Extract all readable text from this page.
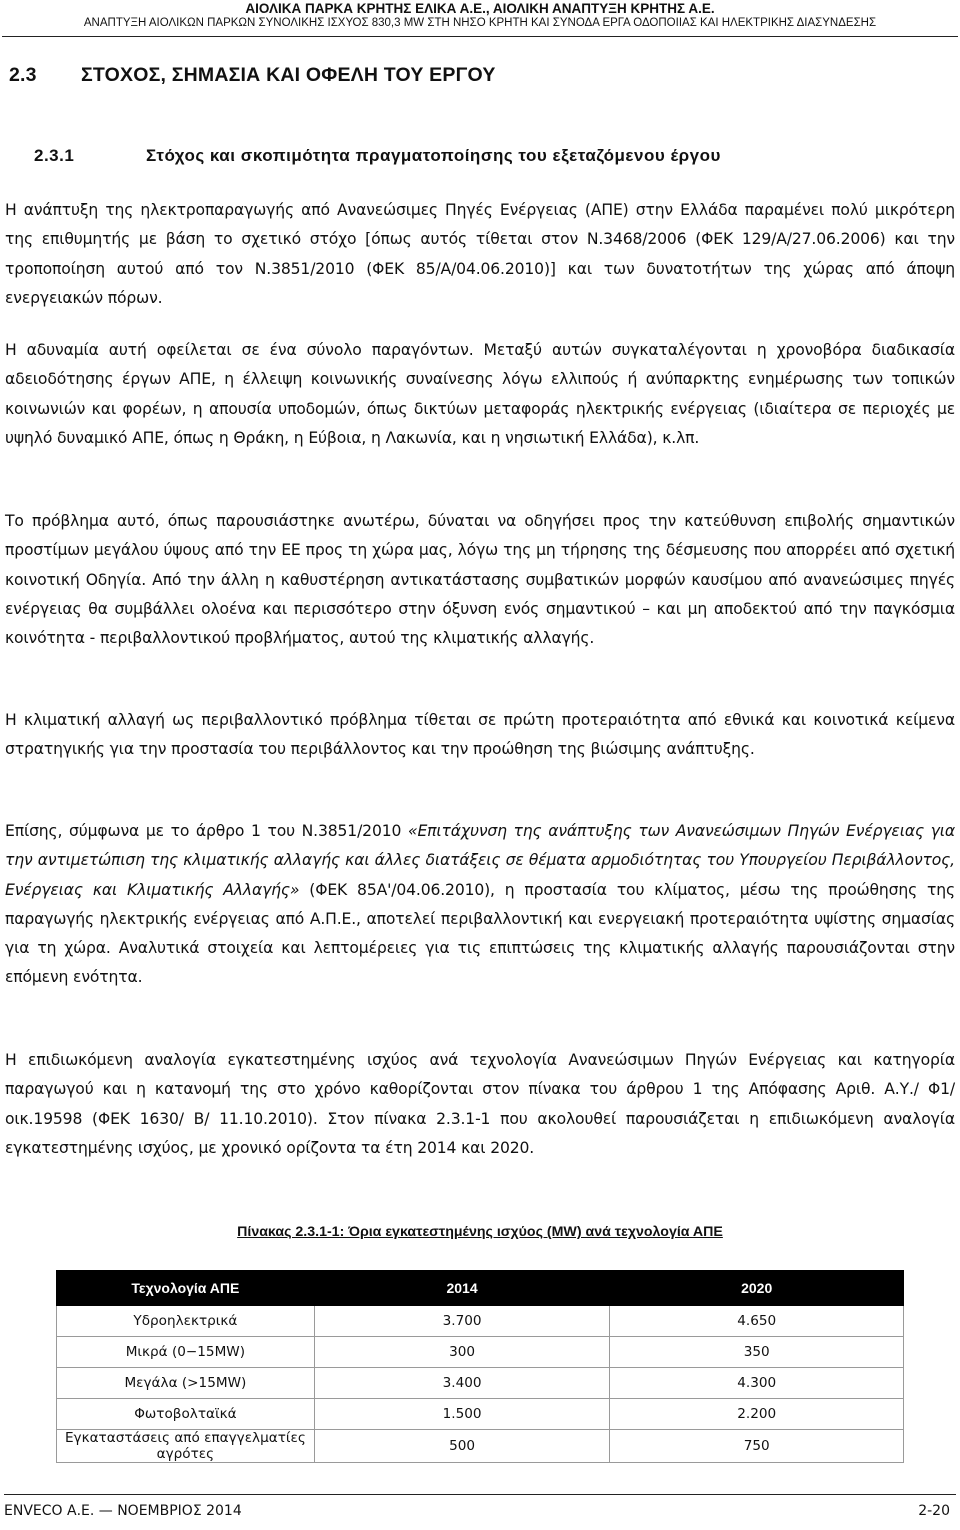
ΑΙΟΛΙΚΑ ΠΑΡΚΑ ΚΡΗΤΗΣ ΕΛΙΚΑ Α.Ε., ΑΙΟΛΙΚΗ ΑΝΑΠΤΥΞΗ ΚΡΗΤΗΣ Α.Ε.
ΑΝΑΠΤΥΞΗ ΑΙΟΛΙΚΩΝ ΠΑΡΚΩΝ ΣΥΝΟΛΙΚΗΣ ΙΣΧΥΟΣ 830,3 MW ΣΤΗ ΝΗΣΟ ΚΡΗΤΗ ΚΑΙ ΣΥΝΟΔΑ ΕΡΓΑ ΟΔΟΠΟΙΙΑΣ ΚΑΙ ΗΛΕΚΤΡΙΚΗΣ ΔΙΑΣΥΝΔΕΣΗΣ
2.3 ΣΤΟΧΟΣ, ΣΗΜΑΣΙΑ ΚΑΙ ΟΦΕΛΗ ΤΟΥ ΕΡΓΟΥ
2.3.1	Στόχος και σκοπιμότητα πραγματοποίησης του εξεταζόμενου έργου
Η ανάπτυξη της ηλεκτροπαραγωγής από Ανανεώσιμες Πηγές Ενέργειας (ΑΠΕ) στην Ελλάδα παραμένει πολύ μικρότερη της επιθυμητής με βάση το σχετικό στόχο [όπως αυτός τίθεται στον Ν.3468/2006 (ΦΕΚ 129/Α/27.06.2006) και την τροποποίηση αυτού από τον Ν.3851/2010 (ΦΕΚ 85/Α/04.06.2010)] και των δυνατοτήτων της χώρας από άποψη ενεργειακών πόρων.
Η αδυναμία αυτή οφείλεται σε ένα σύνολο παραγόντων. Μεταξύ αυτών συγκαταλέγονται η χρονοβόρα διαδικασία αδειοδότησης έργων ΑΠΕ, η έλλειψη κοινωνικής συναίνεσης λόγω ελλιπούς ή ανύπαρκτης ενημέρωσης των τοπικών κοινωνιών και φορέων, η απουσία υποδομών, όπως δικτύων μεταφοράς ηλεκτρικής ενέργειας (ιδιαίτερα σε περιοχές με υψηλό δυναμικό ΑΠΕ, όπως η Θράκη, η Εύβοια, η Λακωνία, και η νησιωτική Ελλάδα), κ.λπ.
Το πρόβλημα αυτό, όπως παρουσιάστηκε ανωτέρω, δύναται να οδηγήσει προς την κατεύθυνση επιβολής σημαντικών προστίμων μεγάλου ύψους από την ΕΕ προς τη χώρα μας, λόγω της μη τήρησης της δέσμευσης που απορρέει από σχετική κοινοτική Οδηγία. Από την άλλη η καθυστέρηση αντικατάστασης συμβατικών μορφών καυσίμου από ανανεώσιμες πηγές ενέργειας θα συμβάλλει ολοένα και περισσότερο στην όξυνση ενός σημαντικού – και μη αποδεκτού από την παγκόσμια κοινότητα - περιβαλλοντικού προβλήματος, αυτού της κλιματικής αλλαγής.
Η κλιματική αλλαγή ως περιβαλλοντικό πρόβλημα τίθεται σε πρώτη προτεραιότητα από εθνικά και κοινοτικά κείμενα στρατηγικής για την προστασία του περιβάλλοντος και την προώθηση της βιώσιμης ανάπτυξης.
Επίσης, σύμφωνα με το άρθρο 1 του Ν.3851/2010 «Επιτάχυνση της ανάπτυξης των Ανανεώσιμων Πηγών Ενέργειας για την αντιμετώπιση της κλιματικής αλλαγής και άλλες διατάξεις σε θέματα αρμοδιότητας του Υπουργείου Περιβάλλοντος, Ενέργειας και Κλιματικής Αλλαγής» (ΦΕΚ 85Α'/04.06.2010), η προστασία του κλίματος, μέσω της προώθησης της παραγωγής ηλεκτρικής ενέργειας από Α.Π.Ε., αποτελεί περιβαλλοντική και ενεργειακή προτεραιότητα υψίστης σημασίας για τη χώρα. Αναλυτικά στοιχεία και λεπτομέρειες για τις επιπτώσεις της κλιματικής αλλαγής παρουσιάζονται στην επόμενη ενότητα.
Η επιδιωκόμενη αναλογία εγκατεστημένης ισχύος ανά τεχνολογία Ανανεώσιμων Πηγών Ενέργειας και κατηγορία παραγωγού και η κατανομή της στο χρόνο καθορίζονται στον πίνακα του άρθρου 1 της Απόφασης Αριθ. Α.Υ./ Φ1/ οικ.19598 (ΦΕΚ 1630/ Β/ 11.10.2010). Στον πίνακα 2.3.1-1 που ακολουθεί παρουσιάζεται η επιδιωκόμενη αναλογία εγκατεστημένης ισχύος, με χρονικό ορίζοντα τα έτη 2014 και 2020.
Πίνακας 2.3.1-1: Όρια εγκατεστημένης ισχύος (MW) ανά τεχνολογία ΑΠΕ
Τεχνολογία ΑΠΕ	2014	2020
Υδροηλεκτρικά	3.700	4.650
Μικρά (0−15MW)	300	350
Μεγάλα (>15MW)	3.400	4.300
Φωτοβολταϊκά	1.500	2.200
Εγκαταστάσεις από επαγγελματίες αγρότες	500	750
ENVECO Α.Ε. — ΝΟΕΜΒΡΙΟΣ 2014	2-20
